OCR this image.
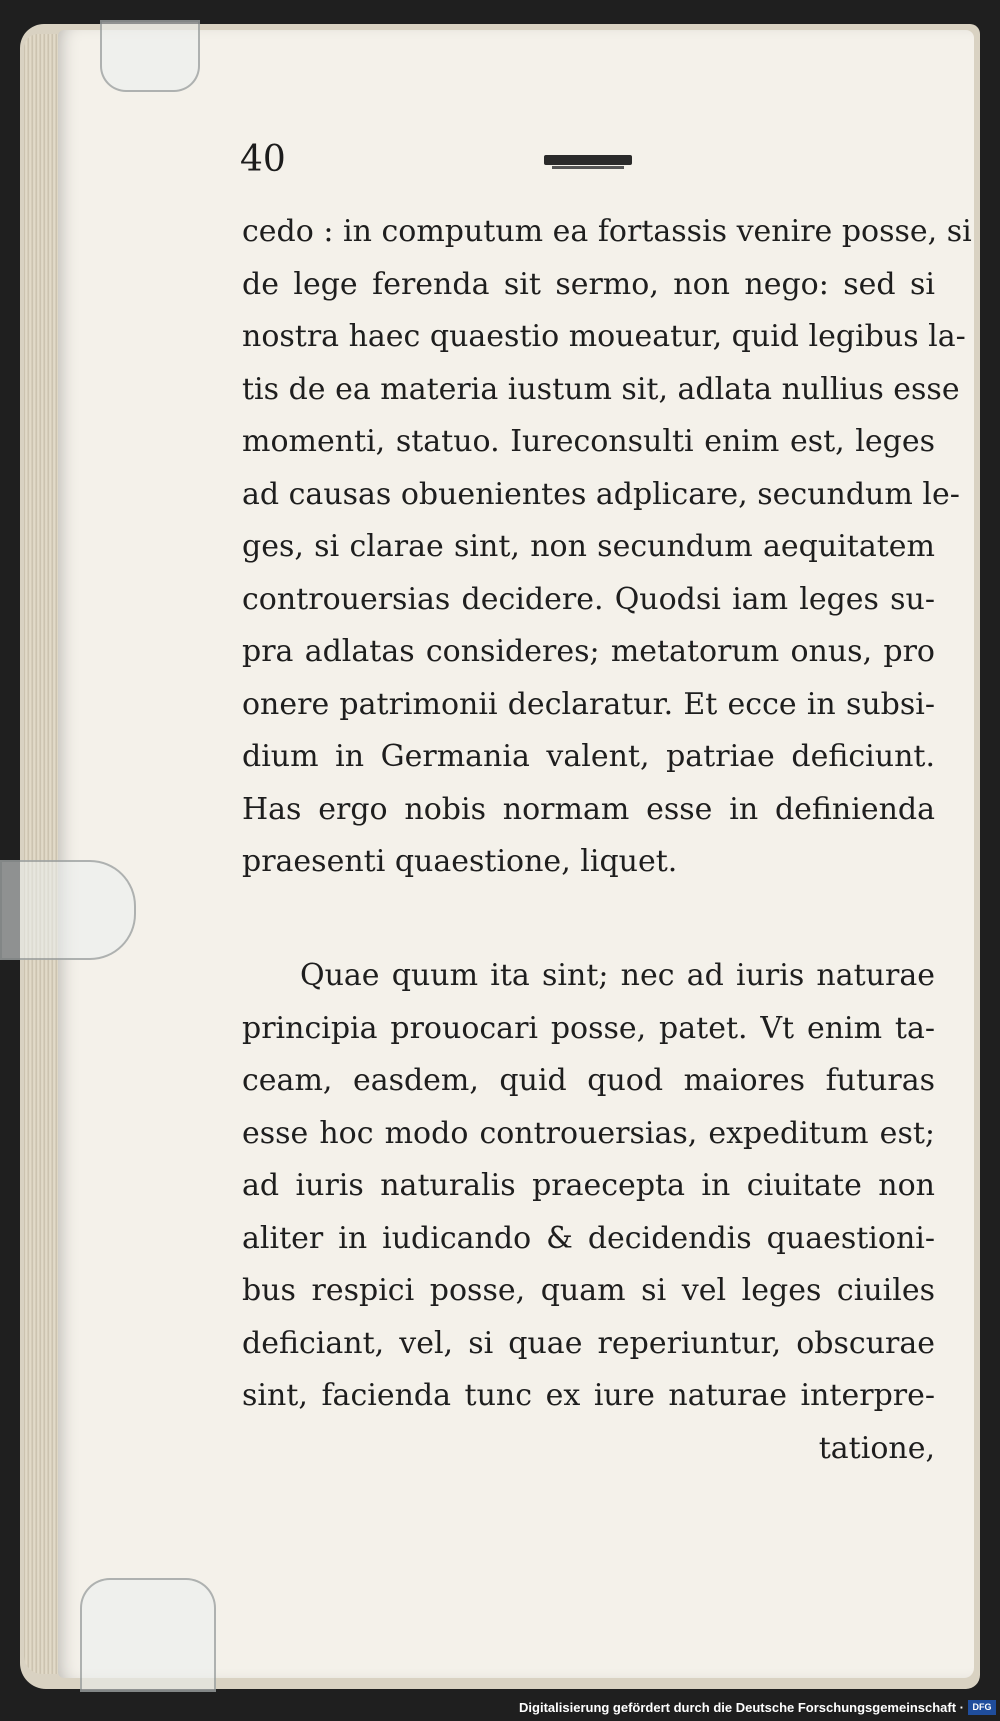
40
cedo : in computum ea fortassis venire posse, si
de lege ferenda sit sermo, non nego: sed si
nostra haec quaestio moueatur, quid legibus la-
tis de ea materia iustum sit, adlata nullius esse
momenti, statuo. Iureconsulti enim est, leges
ad causas obuenientes adplicare, secundum le-
ges, si clarae sint, non secundum aequitatem
controuersias decidere. Quodsi iam leges su-
pra adlatas consideres; metatorum onus, pro
onere patrimonii declaratur. Et ecce in subsi-
dium in Germania valent, patriae deficiunt.
Has ergo nobis normam esse in definienda
praesenti quaestione, liquet.
Quae quum ita sint; nec ad iuris naturae
principia prouocari posse, patet. Vt enim ta-
ceam, easdem, quid quod maiores futuras
esse hoc modo controuersias, expeditum est;
ad iuris naturalis praecepta in ciuitate non
aliter in iudicando & decidendis quaestioni-
bus respici posse, quam si vel leges ciuiles
deficiant, vel, si quae reperiuntur, obscurae
sint, facienda tunc ex iure naturae interpre-
tatione,
Digitalisierung gefördert durch die Deutsche Forschungsgemeinschaft · DFG
